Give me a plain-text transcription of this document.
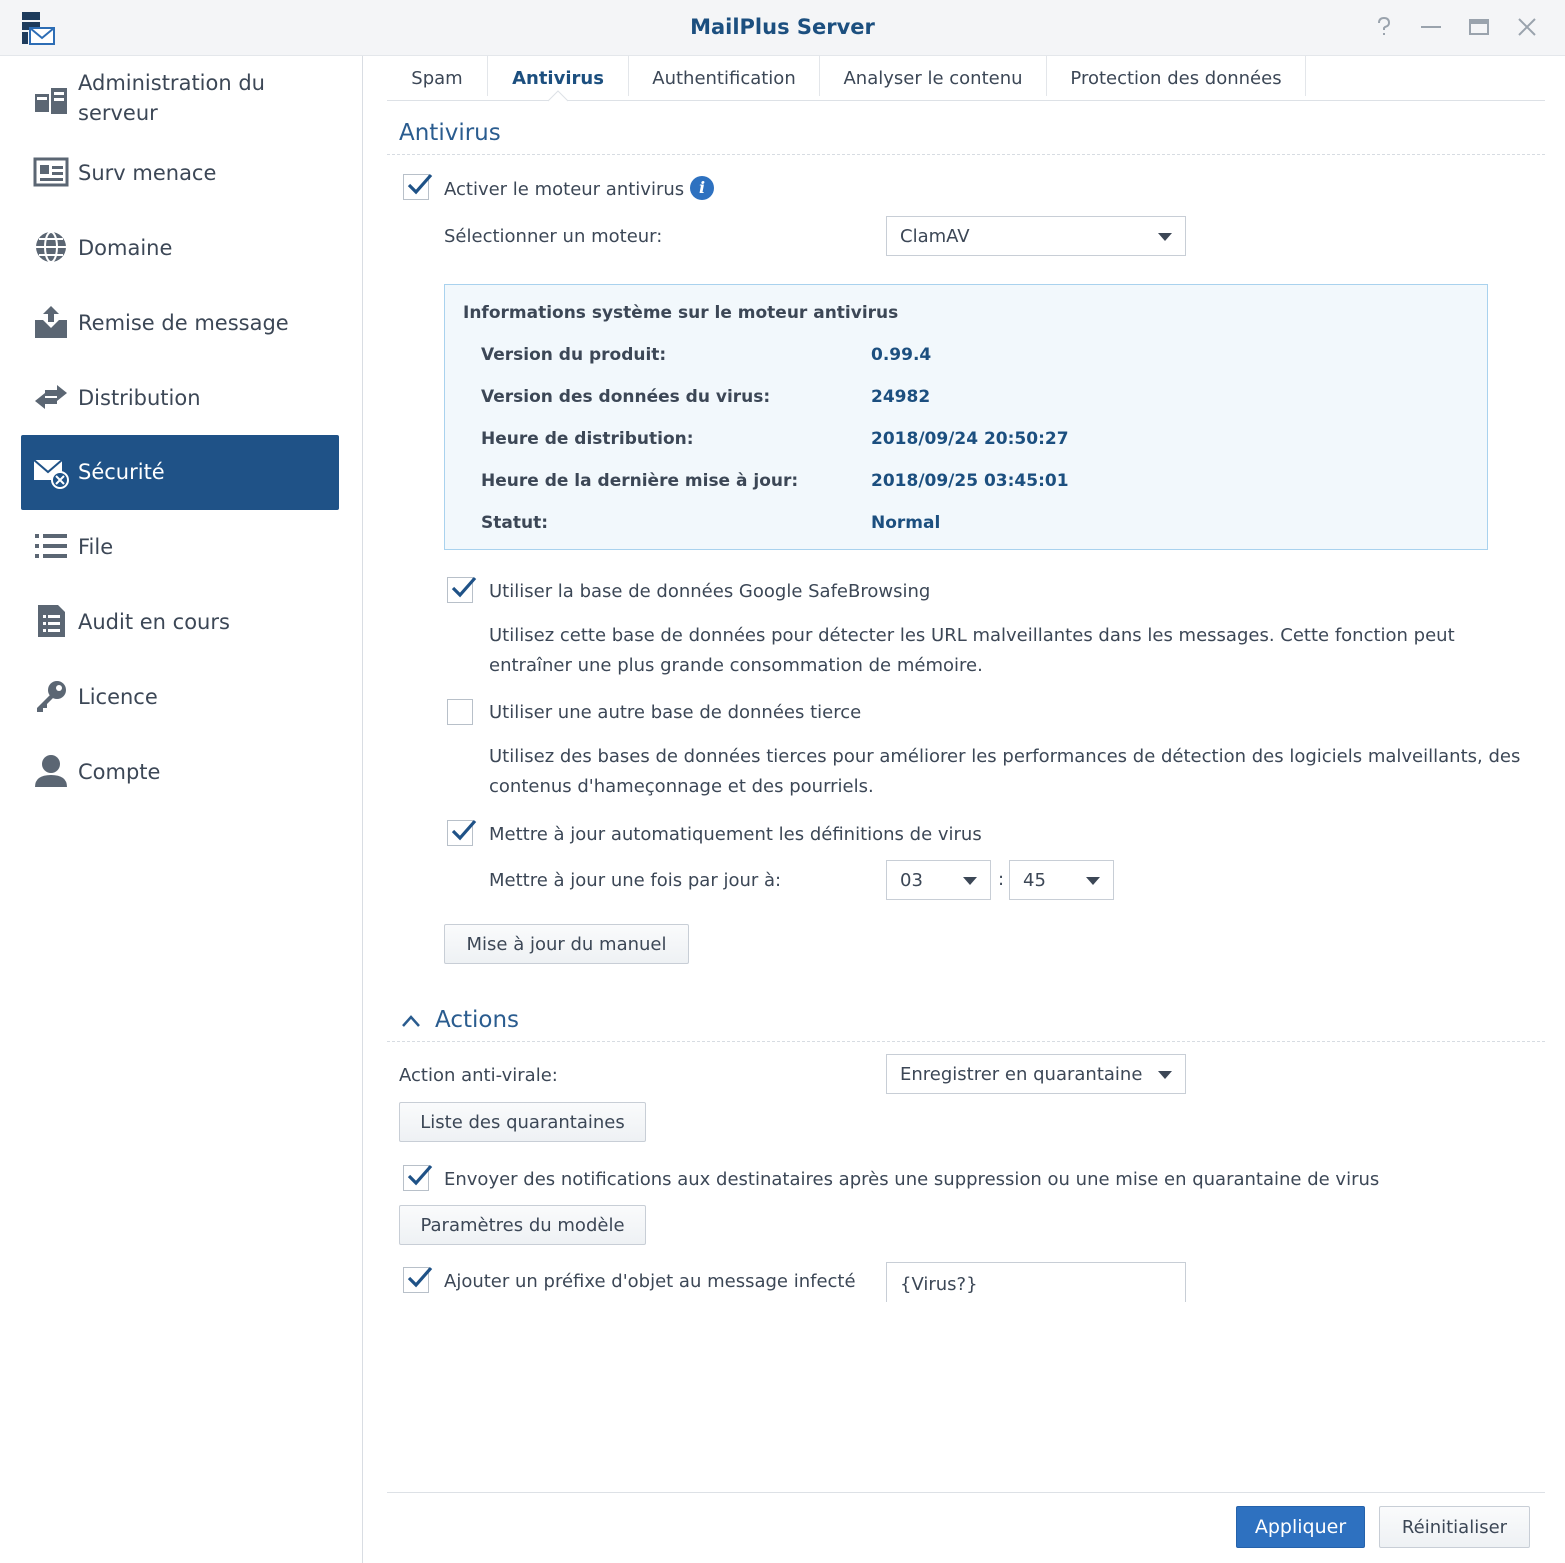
MailPlus Server
Administration du serveur
Surv menace
Domaine
Remise de message
Distribution
Sécurité
File
Audit en cours
Licence
Compte
Spam	Antivirus	Authentification	Analyser le contenu	Protection des données
Antivirus
Activer le moteur antivirus i
Sélectionner un moteur:	ClamAV
Informations système sur le moteur antivirus
Version du produit:	0.99.4
Version des données du virus:	24982
Heure de distribution:	2018/09/24 20:50:27
Heure de la dernière mise à jour:	2018/09/25 03:45:01
Statut:	Normal
Utiliser la base de données Google SafeBrowsing
Utilisez cette base de données pour détecter les URL malveillantes dans les messages. Cette fonction peut entraîner une plus grande consommation de mémoire.
Utiliser une autre base de données tierce
Utilisez des bases de données tierces pour améliorer les performances de détection des logiciels malveillants, des contenus d'hameçonnage et des pourriels.
Mettre à jour automatiquement les définitions de virus
Mettre à jour une fois par jour à:	03	: 45
Mise à jour du manuel
Actions
Action anti-virale:	Enregistrer en quarantaine
Liste des quarantaines
Envoyer des notifications aux destinataires après une suppression ou une mise en quarantaine de virus
Paramètres du modèle
Ajouter un préfixe d'objet au message infecté {Virus?}
Appliquer	Réinitialiser
